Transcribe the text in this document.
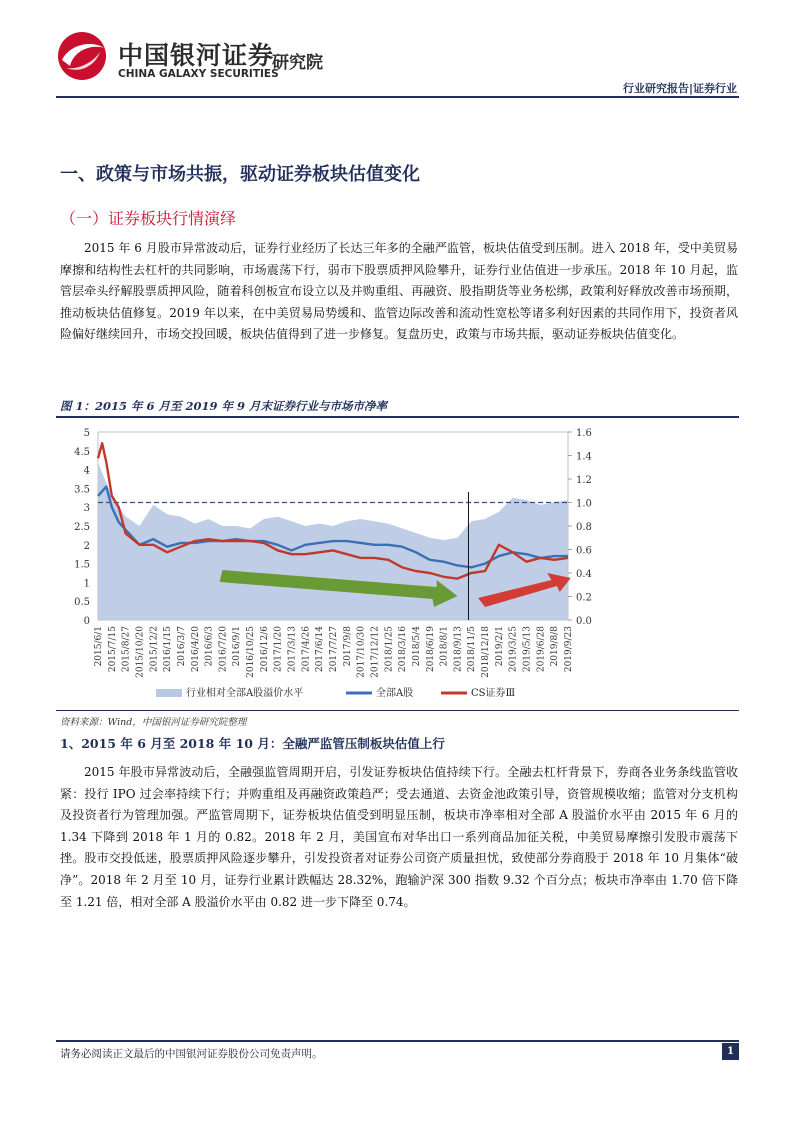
中国银河证券
CHINA GALAXY SECURITIES
研究院
行业研究报告|证券行业
一、政策与市场共振，驱动证券板块估值变化
（一）证券板块行情演绎

2015 年 6 月股市异常波动后，证券行业经历了长达三年多的全融严监管，板块估值受到压制。进入 2018 年，受中美贸易摩擦和结构性去杠杆的共同影响，市场震荡下行，弱市下股票质押风险攀升，证券行业估值进一步承压。2018 年 10 月起，监管层牵头纾解股票质押风险，随着科创板宣布设立以及并购重组、再融资、股指期货等业务松绑，政策利好释放改善市场预期，推动板块估值修复。2019 年以来，在中美贸易局势缓和、监管边际改善和流动性宽松等诸多利好因素的共同作用下，投资者风险偏好继续回升，市场交投回暖，板块估值得到了进一步修复。复盘历史，政策与市场共振，驱动证券板块估值变化。

图 1：2015 年 6 月至 2019 年 9 月末证券行业与市场市净率
0
0.5
1
1.5
2
2.5
3
3.5
4
4.5
5
0.0
0.2
0.4
0.6
0.8
1.0
1.2
1.4
1.6
2015/6/1 2015/7/15 2015/8/27 2015/10/20 2015/12/2 2016/1/15 2016/3/7 2016/4/20 2016/6/3 2016/7/20 2016/9/1 2016/10/25 2016/12/6 2017/1/20 2017/3/13 2017/4/26 2017/6/14 2017/7/27 2017/9/8 2017/10/30 2017/12/12 2018/1/25 2018/3/16 2018/5/4 2018/6/19 2018/8/1 2018/9/13 2018/11/5 2018/12/18 2019/2/1 2019/3/25 2019/5/13 2019/6/28 2019/8/8 2019/9/23
行业相对全部A股溢价水平	全部A股	CS证券Ⅲ
资料来源：Wind，中国银河证券研究院整理
1、2015 年 6 月至 2018 年 10 月：全融严监管压制板块估值上行

2015 年股市异常波动后，全融强监管周期开启，引发证券板块估值持续下行。全融去杠杆背景下，券商各业务条线监管收紧：投行 IPO 过会率持续下行；并购重组及再融资政策趋严；受去通道、去资金池政策引导，资管规模收缩；监管对分支机构及投资者行为管理加强。严监管周期下，证券板块估值受到明显压制，板块市净率相对全部 A 股溢价水平由 2015 年 6 月的 1.34 下降到 2018 年 1 月的 0.82。2018 年 2 月，美国宣布对华出口一系列商品加征关税，中美贸易摩擦引发股市震荡下挫。股市交投低迷，股票质押风险逐步攀升，引发投资者对证券公司资产质量担忧，致使部分券商股于 2018 年 10 月集体“破净”。2018 年 2 月至 10 月，证券行业累计跌幅达 28.32%，跑输沪深 300 指数 9.32 个百分点；板块市净率由 1.70 倍下降至 1.21 倍，相对全部 A 股溢价水平由 0.82 进一步下降至 0.74。

请务必阅读正文最后的中国银河证券股份公司免责声明。	1
